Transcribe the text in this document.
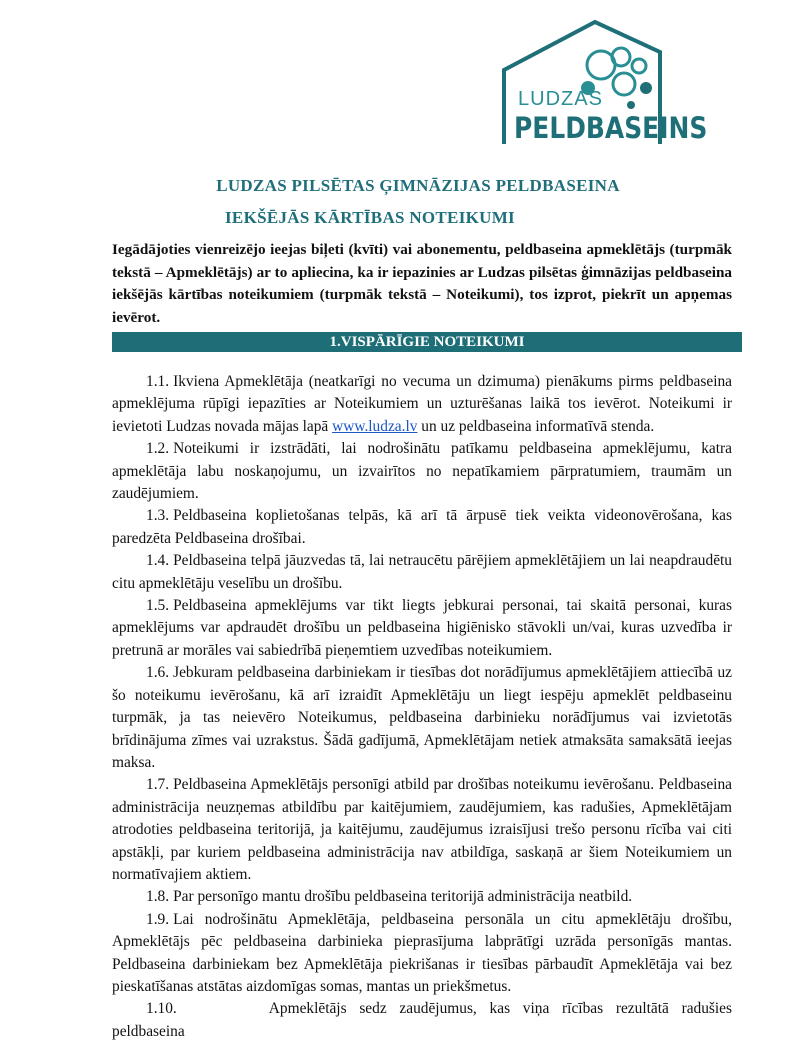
LUDZAS
PELDBASEINS
LUDZAS PILSĒTAS ĢIMNĀZIJAS PELDBASEINA
IEKŠĒJĀS KĀRTĪBAS NOTEIKUMI
Iegādājoties vienreizējo ieejas biļeti (kvīti) vai abonementu, peldbaseina apmeklētājs (turpmāk tekstā – Apmeklētājs) ar to apliecina, ka ir iepazinies ar Ludzas pilsētas ģimnāzijas peldbaseina iekšējās kārtības noteikumiem (turpmāk tekstā – Noteikumi), tos izprot, piekrīt un apņemas ievērot.
1.VISPĀRĪGIE NOTEIKUMI

1.1. Ikviena Apmeklētāja (neatkarīgi no vecuma un dzimuma) pienākums pirms peldbaseina apmeklējuma rūpīgi iepazīties ar Noteikumiem un uzturēšanas laikā tos ievērot. Noteikumi ir ievietoti Ludzas novada mājas lapā www.ludza.lv un uz peldbaseina informatīvā stenda.

1.2. Noteikumi ir izstrādāti, lai nodrošinātu patīkamu peldbaseina apmeklējumu, katra apmeklētāja labu noskaņojumu, un izvairītos no nepatīkamiem pārpratumiem, traumām un zaudējumiem.

1.3. Peldbaseina koplietošanas telpās, kā arī tā ārpusē tiek veikta videonovērošana, kas paredzēta Peldbaseina drošībai.

1.4. Peldbaseina telpā jāuzvedas tā, lai netraucētu pārējiem apmeklētājiem un lai neapdraudētu citu apmeklētāju veselību un drošību.

1.5. Peldbaseina apmeklējums var tikt liegts jebkurai personai, tai skaitā personai, kuras apmeklējums var apdraudēt drošību un peldbaseina higiēnisko stāvokli un/vai, kuras uzvedība ir pretrunā ar morāles vai sabiedrībā pieņemtiem uzvedības noteikumiem.

1.6. Jebkuram peldbaseina darbiniekam ir tiesības dot norādījumus apmeklētājiem attiecībā uz šo noteikumu ievērošanu, kā arī izraidīt Apmeklētāju un liegt iespēju apmeklēt peldbaseinu turpmāk, ja tas neievēro Noteikumus, peldbaseina darbinieku norādījumus vai izvietotās brīdinājuma zīmes vai uzrakstus. Šādā gadījumā, Apmeklētājam netiek atmaksāta samaksātā ieejas maksa.

1.7. Peldbaseina Apmeklētājs personīgi atbild par drošības noteikumu ievērošanu. Peldbaseina administrācija neuzņemas atbildību par kaitējumiem, zaudējumiem, kas radušies, Apmeklētājam atrodoties peldbaseina teritorijā, ja kaitējumu, zaudējumus izraisījusi trešo personu rīcība vai citi apstākļi, par kuriem peldbaseina administrācija nav atbildīga, saskaņā ar šiem Noteikumiem un normatīvajiem aktiem.

1.8. Par personīgo mantu drošību peldbaseina teritorijā administrācija neatbild.

1.9. Lai nodrošinātu Apmeklētāja, peldbaseina personāla un citu apmeklētāju drošību, Apmeklētājs pēc peldbaseina darbinieka pieprasījuma labprātīgi uzrāda personīgās mantas. Peldbaseina darbiniekam bez Apmeklētāja piekrišanas ir tiesības pārbaudīt Apmeklētāja vai bez pieskatīšanas atstātas aizdomīgas somas, mantas un priekšmetus.

1.10.	Apmeklētājs sedz zaudējumus, kas viņa rīcības rezultātā radušies peldbaseina
